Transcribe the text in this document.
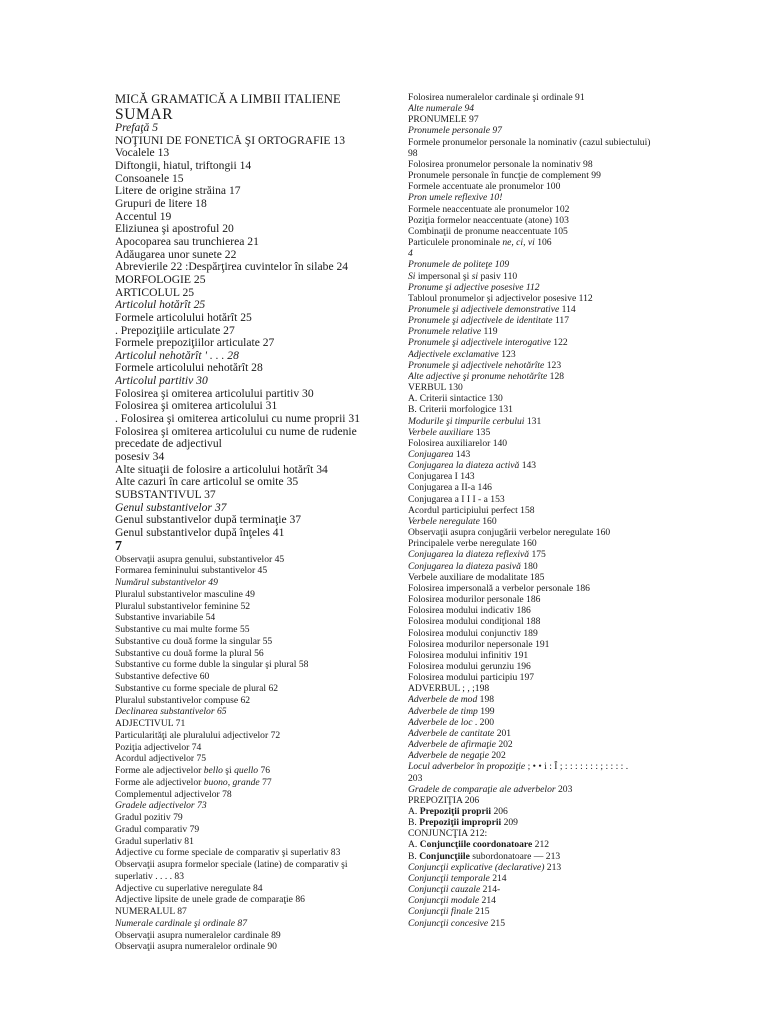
MICĂ GRAMATICĂ A LIMBII ITALIENE
SUMAR
Prefaţă 5
NOŢIUNI DE FONETICĂ ŞI ORTOGRAFIE 13
Vocalele 13
Diftongii, hiatul, triftongii 14
Consoanele 15
Litere de origine străina 17
Grupuri de litere 18
Accentul 19
Eliziunea şi apostroful 20
Apocoparea sau trunchierea 21
Adăugarea unor sunete 22
Abrevierile 22 :Despărţirea cuvintelor în silabe 24
MORFOLOGIE 25
ARTICOLUL 25
Articolul hotărît 25
Formele articolului hotărît 25
. Prepoziţiile articulate 27
Formele prepoziţiilor articulate 27
Articolul nehotărît ' . . . 28
Formele articolului nehotărît 28
Articolul partitiv 30
Folosirea şi omiterea articolului partitiv 30
Folosirea şi omiterea articolului 31
. Folosirea şi omiterea articolului cu nume proprii 31
Folosirea şi omiterea articolului cu nume de rudenie precedate de adjectivul
posesiv 34
Alte situaţii de folosire a articolului hotărît 34
Alte cazuri în care articolul se omite 35
SUBSTANTIVUL 37
Genul substantivelor 37
Genul substantivelor după terminaţie 37
Genul substantivelor după înţeles 41
7
Observaţii asupra genului, substantivelor 45
Formarea femininului substantivelor 45
Numărul substantivelor 49
Pluralul substantivelor masculine 49
Pluralul substantivelor feminine 52
Substantive invariabile 54
Substantive cu mai multe forme 55
Substantive cu două forme la singular 55
Substantive cu două forme la plural 56
Substantive cu forme duble la singular şi plural 58
Substantive defective 60
Substantive cu forme speciale de plural 62
Pluralul substantivelor compuse 62
Declinarea substantivelor 65
ADJECTIVUL 71
Particularităţi ale pluralului adjectivelor 72
Poziţia adjectivelor 74
Acordul adjectivelor 75
Forme ale adjectivelor bello şi quello 76
Forme ale adjectivelor buono, grande 77
Complementul adjectivelor 78
Gradele adjectivelor 73
Gradul pozitiv 79
Gradul comparativ 79
Gradul superlativ 81
Adjective cu forme speciale de comparativ şi superlativ 83
Observaţii asupra formelor speciale (latine) de comparativ şi superlativ . . . . 83
Adjective cu superlative neregulate 84
Adjective lipsite de unele grade de comparaţie 86
NUMERALUL 87
Numerale cardinale şi ordinale 87
Observaţii asupra numeralelor cardinale 89
Observaţii asupra numeralelor ordinale 90
Folosirea numeralelor cardinale şi ordinale 91
Alte numerale 94
PRONUMELE 97
Pronumele personale 97
Formele pronumelor personale la nominativ (cazul subiectului) 98
Folosirea pronumelor personale la nominativ 98
Pronumele personale în funcţie de complement 99
Formele accentuate ale pronumelor 100
Pron umele reflexive 10!
Formele neaccentuate ale pronumelor 102
Poziţia formelor neaccentuate (atone) 103
Combinaţii de pronume neaccentuate 105
Particulele pronominale ne, ci, vi 106
4
Pronumele de politeţe 109
Si impersonal şi si pasiv 110
Pronume şi adjective posesive 112
Tabloul pronumelor şi adjectivelor posesive 112
Pronumele şi adjectivele demonstrative 114
Pronumele şi adjectivele de identitate 117
Pronumele relative 119
Pronumele şi adjectivele interogative 122
Adjectivele exclamative 123
Pronumele şi adjectivele nehotărîte 123
Alte adjective şi pronume nehotărîte 128
VERBUL 130
A. Criterii sintactice 130
B. Criterii morfologice 131
Modurile şi timpurile cerbului 131
Verbele auxiliare 135
Folosirea auxiliarelor 140
Conjugarea 143
Conjugarea la diateza activă 143
Conjugarea I 143
Conjugarea a II-a 146
Conjugarea a I I I - a 153
Acordul participiului perfect 158
Verbele neregulate 160
Observaţii asupra conjugării verbelor neregulate 160
Principalele verbe neregulate 160
Conjugarea la diateza reflexivă 175
Conjugarea la diateza pasivă 180
Verbele auxiliare de modalitate 185
Folosirea impersonală a verbelor personale 186
Folosirea modurilor personale 186
Folosirea modului indicativ 186
Folosirea modului condiţional 188
Folosirea modului conjunctiv 189
Folosirea modurilor nepersonale 191
Folosirea modului infinitiv 191
Folosirea modului gerunziu 196
Folosirea modului participiu 197
ADVERBUL ; , ;198
Adverbele de mod 198
Adverbele de timp 199
Adverbele de loc . 200
Adverbele de cantitate 201
Adverbele de afirmaţie 202
Adverbele de negaţie 202
Locul adverbelor în propoziţie ; • • i : Î ; : : : : : : : ; : : : : .
203
Gradele de comparaţie ale adverbelor 203
PREPOZIŢIA 206
A. Prepoziţii proprii 206
B. Prepoziţii improprii 209
CONJUNCŢIA 212:
A. Conjuncţiile coordonatoare 212
B. Conjuncţiile subordonatoare — 213
Conjuncţii explicative (declarative) 213
Conjuncţii temporale 214
Conjuncţii cauzale 214-
Conjuncţii modale 214
Conjuncţii finale 215
Conjuncţii concesive 215
